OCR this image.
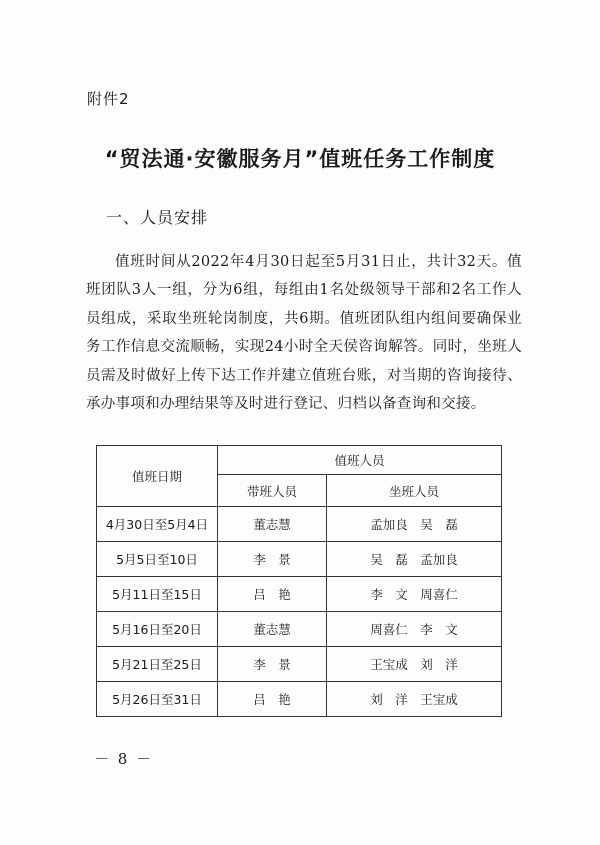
附件2
“贸法通·安徽服务月”值班任务工作制度
一、人员安排

值班时间从2022年4月30日起至5月31日止，共计32天。值班团队3人一组，分为6组，每组由1名处级领导干部和2名工作人员组成，采取坐班轮岗制度，共6期。值班团队组内组间要确保业务工作信息交流顺畅，实现24小时全天侯咨询解答。同时，坐班人员需及时做好上传下达工作并建立值班台账，对当期的咨询接待、承办事项和办理结果等及时进行登记、归档以备查询和交接。

值班日期	值班人员	
	带班人员	坐班人员
4月30日至5月4日	董志慧	孟加良　吴　磊
5月5日至10日	李　景	吴　磊　孟加良
5月11日至15日	吕　艳	李　文　周喜仁
5月16日至20日	董志慧	周喜仁　李　文
5月21日至25日	李　景	王宝成　刘　洋
5月26日至31日	吕　艳	刘　洋　王宝成
－ 8 －
